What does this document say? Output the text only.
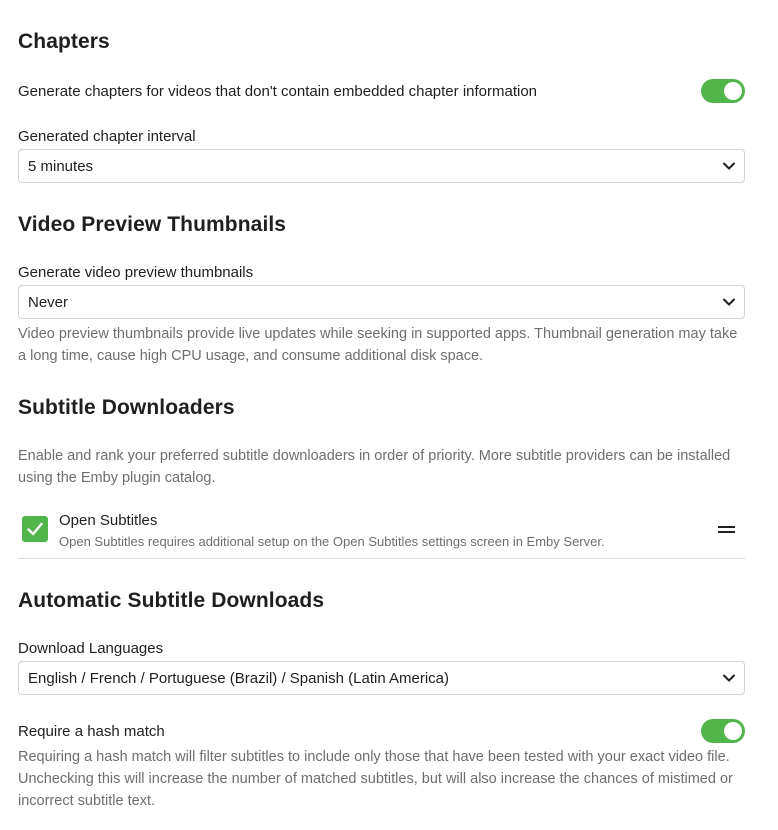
Chapters
Generate chapters for videos that don't contain embedded chapter information
Generated chapter interval
5 minutes
Video Preview Thumbnails
Generate video preview thumbnails
Never
Video preview thumbnails provide live updates while seeking in supported apps. Thumbnail generation may take a long time, cause high CPU usage, and consume additional disk space.
Subtitle Downloaders
Enable and rank your preferred subtitle downloaders in order of priority. More subtitle providers can be installed using the Emby plugin catalog.
Open Subtitles
Open Subtitles requires additional setup on the Open Subtitles settings screen in Emby Server.
Automatic Subtitle Downloads
Download Languages
English / French / Portuguese (Brazil) / Spanish (Latin America)
Require a hash match
Requiring a hash match will filter subtitles to include only those that have been tested with your exact video file. Unchecking this will increase the number of matched subtitles, but will also increase the chances of mistimed or incorrect subtitle text.
